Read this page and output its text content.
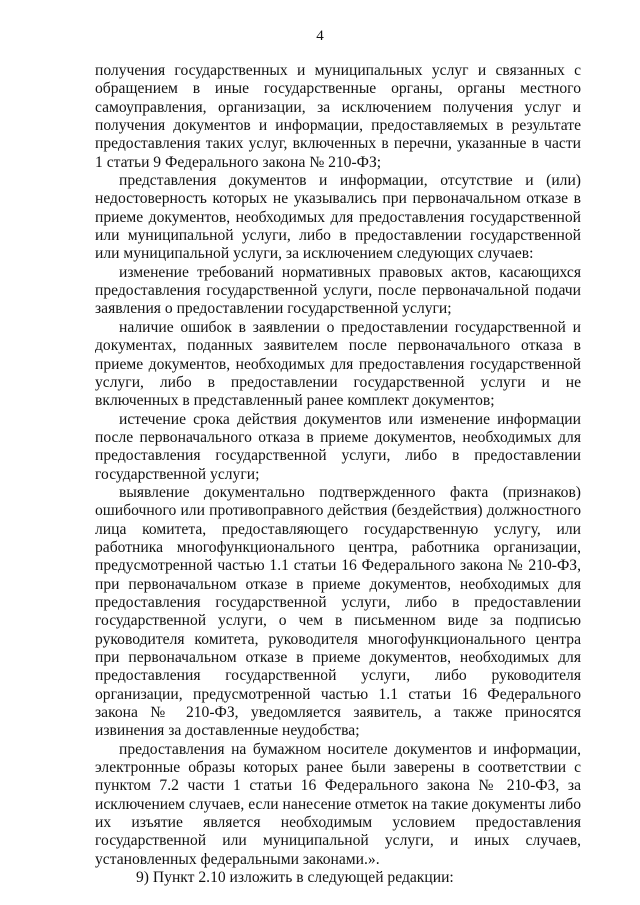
4

получения государственных и муниципальных услуг и связанных с обращением в иные государственные органы, органы местного самоуправления, организации, за исключением получения услуг и получения документов и информации, предоставляемых в результате предоставления таких услуг, включенных в перечни, указанные в части 1 статьи 9 Федерального закона № 210-ФЗ;

представления документов и информации, отсутствие и (или) недостоверность которых не указывались при первоначальном отказе в приеме документов, необходимых для предоставления государственной или муниципальной услуги, либо в предоставлении государственной или муниципальной услуги, за исключением следующих случаев:

изменение требований нормативных правовых актов, касающихся предоставления государственной услуги, после первоначальной подачи заявления о предоставлении государственной услуги;

наличие ошибок в заявлении о предоставлении государственной и документах, поданных заявителем после первоначального отказа в приеме документов, необходимых для предоставления государственной услуги, либо в предоставлении государственной услуги и не включенных в представленный ранее комплект документов;

истечение срока действия документов или изменение информации после первоначального отказа в приеме документов, необходимых для предоставления государственной услуги, либо в предоставлении государственной услуги;

выявление документально подтвержденного факта (признаков) ошибочного или противоправного действия (бездействия) должностного лица комитета, предоставляющего государственную услугу, или работника многофункционального центра, работника организации, предусмотренной частью 1.1 статьи 16 Федерального закона № 210-ФЗ, при первоначальном отказе в приеме документов, необходимых для предоставления государственной услуги, либо в предоставлении государственной услуги, о чем в письменном виде за подписью руководителя комитета, руководителя многофункционального центра при первоначальном отказе в приеме документов, необходимых для предоставления государственной услуги, либо руководителя организации, предусмотренной частью 1.1 статьи 16 Федерального закона № 210-ФЗ, уведомляется заявитель, а также приносятся извинения за доставленные неудобства;

предоставления на бумажном носителе документов и информации, электронные образы которых ранее были заверены в соответствии с пунктом 7.2 части 1 статьи 16 Федерального закона № 210-ФЗ, за исключением случаев, если нанесение отметок на такие документы либо их изъятие является необходимым условием предоставления государственной или муниципальной услуги, и иных случаев, установленных федеральными законами.».

9) Пункт 2.10 изложить в следующей редакции:
